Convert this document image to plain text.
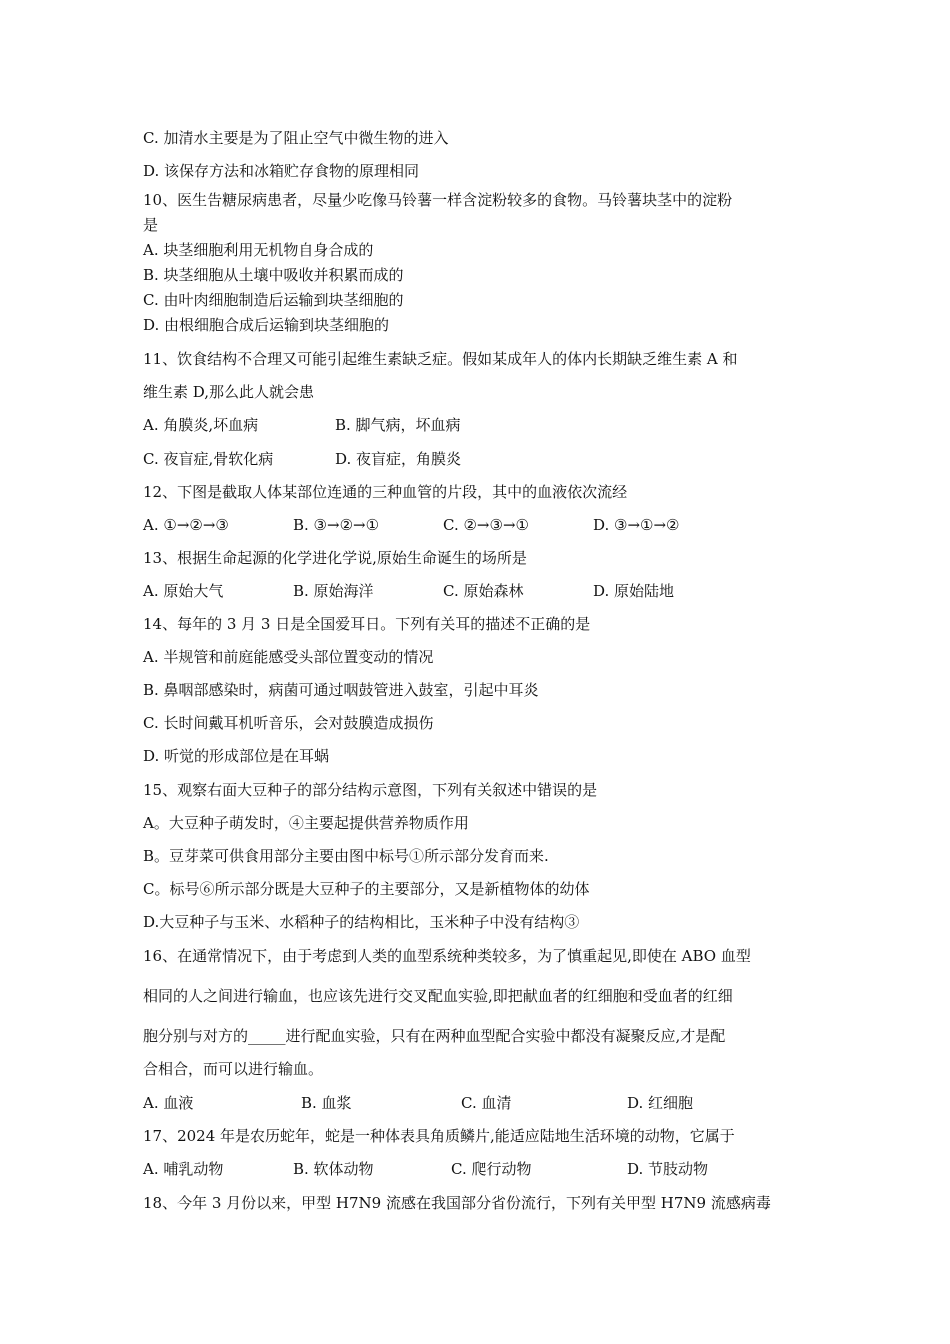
C. 加清水主要是为了阻止空气中微生物的进入

D. 该保存方法和冰箱贮存食物的原理相同

10、医生告糖尿病患者，尽量少吃像马铃薯一样含淀粉较多的食物。马铃薯块茎中的淀粉

是

A. 块茎细胞利用无机物自身合成的

B. 块茎细胞从土壤中吸收并积累而成的

C. 由叶肉细胞制造后运输到块茎细胞的

D. 由根细胞合成后运输到块茎细胞的

11、饮食结构不合理又可能引起维生素缺乏症。假如某成年人的体内长期缺乏维生素 A 和

维生素 D,那么此人就会患

A. 角膜炎,坏血病

	B. 脚气病，坏血病

C. 夜盲症,骨软化病

	D. 夜盲症，角膜炎

12、下图是截取人体某部位连通的三种血管的片段，其中的血液依次流经

A. ①→②→③

	B. ③→②→①

	C. ②→③→①

	D. ③→①→②

13、根据生命起源的化学进化学说,原始生命诞生的场所是

A. 原始大气

	B. 原始海洋

	C. 原始森林

	D. 原始陆地

14、每年的 3 月 3 日是全国爱耳日。下列有关耳的描述不正确的是

A. 半规管和前庭能感受头部位置变动的情况

B. 鼻咽部感染时，病菌可通过咽鼓管进入鼓室，引起中耳炎

C. 长时间戴耳机听音乐，会对鼓膜造成损伤

D. 听觉的形成部位是在耳蜗

15、观察右面大豆种子的部分结构示意图，下列有关叙述中错误的是

A。大豆种子萌发时，④主要起提供营养物质作用

B。豆芽菜可供食用部分主要由图中标号①所示部分发育而来.

C。标号⑥所示部分既是大豆种子的主要部分，又是新植物体的幼体

D.大豆种子与玉米、水稻种子的结构相比，玉米种子中没有结构③

16、在通常情况下，由于考虑到人类的血型系统种类较多，为了慎重起见,即使在 ABO 血型

相同的人之间进行输血，也应该先进行交叉配血实验,即把献血者的红细胞和受血者的红细

胞分别与对方的_____进行配血实验，只有在两种血型配合实验中都没有凝聚反应,才是配

合相合，而可以进行输血。

A. 血液

	B. 血浆

	C. 血清

	D. 红细胞

17、2024 年是农历蛇年，蛇是一种体表具角质鳞片,能适应陆地生活环境的动物，它属于

A. 哺乳动物

	B. 软体动物

	C. 爬行动物

	D. 节肢动物

18、今年 3 月份以来，甲型 H7N9 流感在我国部分省份流行，下列有关甲型 H7N9 流感病毒
